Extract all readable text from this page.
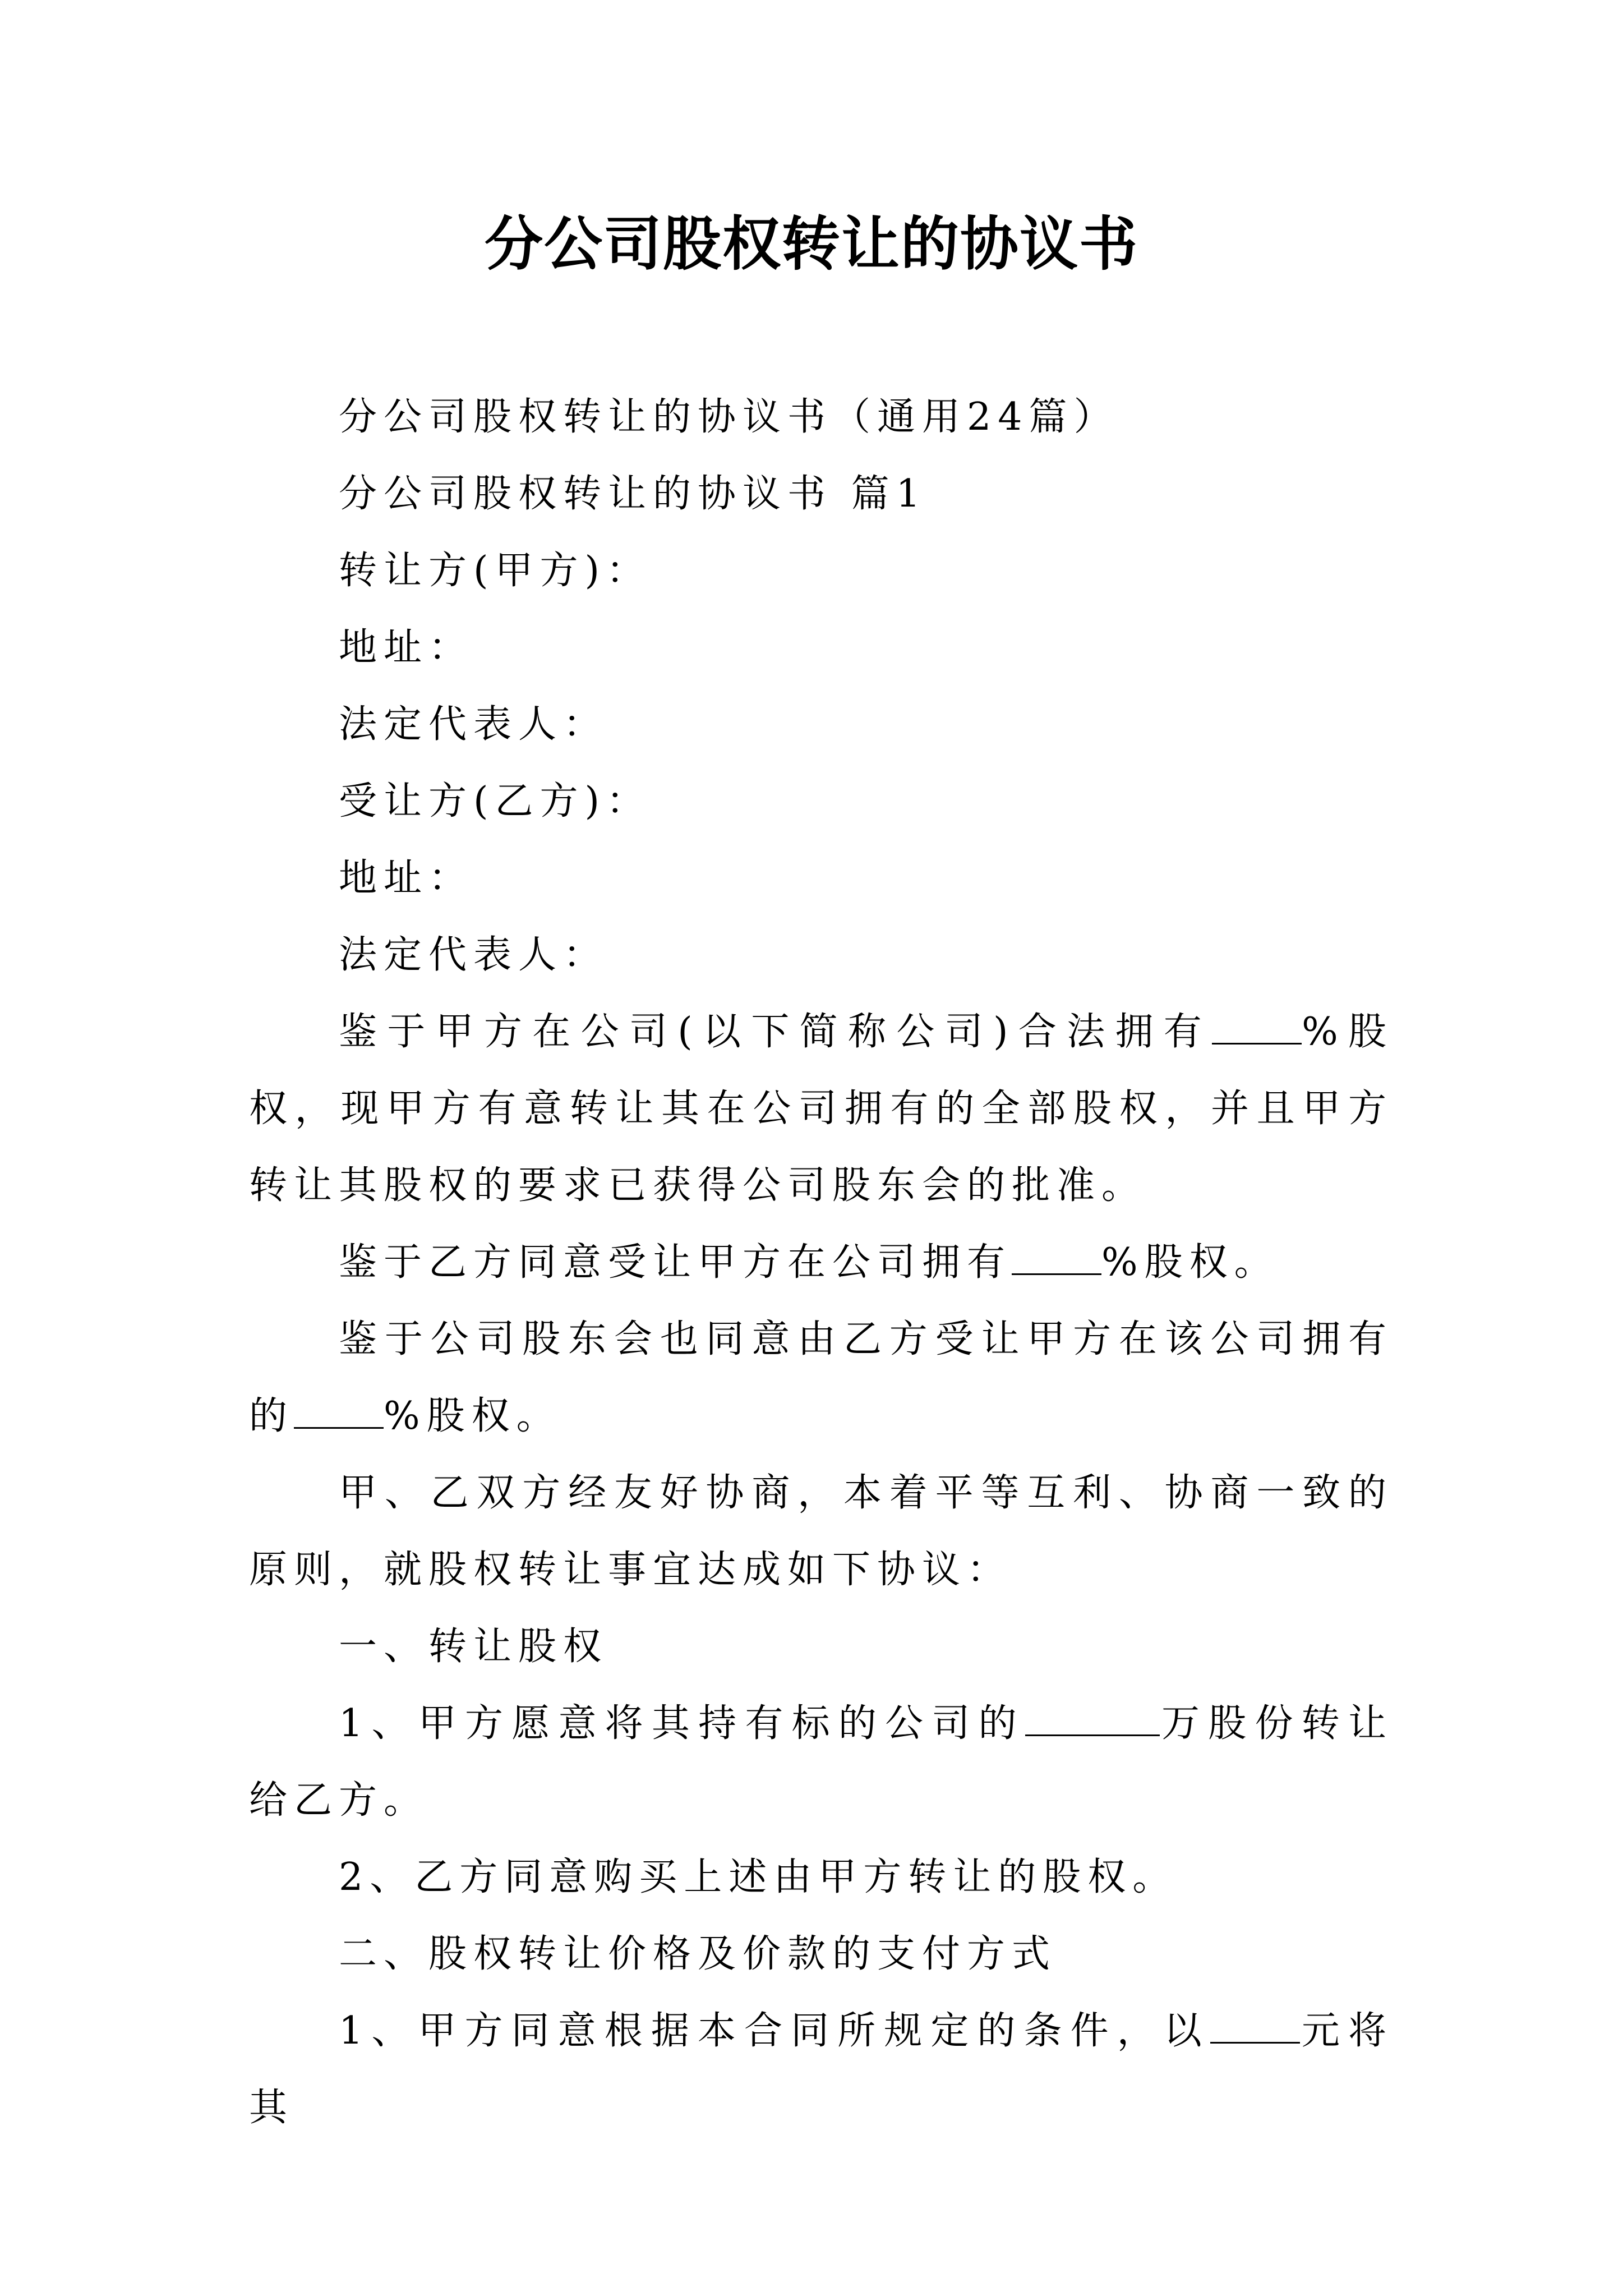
分公司股权转让的协议书

分公司股权转让的协议书（通用24篇）

分公司股权转让的协议书 篇1

转让方(甲方)：

地址：

法定代表人：

受让方(乙方)：

地址：

法定代表人：

鉴于甲方在公司(以下简称公司)合法拥有 %股权，现甲方有意转让其在公司拥有的全部股权，并且甲方转让其股权的要求已获得公司股东会的批准。

鉴于乙方同意受让甲方在公司拥有 %股权。

鉴于公司股东会也同意由乙方受让甲方在该公司拥有的 %股权。

甲、乙双方经友好协商，本着平等互利、协商一致的原则，就股权转让事宜达成如下协议：

一、转让股权

1、甲方愿意将其持有标的公司的	万股份转让给乙方。

2、乙方同意购买上述由甲方转让的股权。

二、股权转让价格及价款的支付方式

1、甲方同意根据本合同所规定的条件，以 元将其
